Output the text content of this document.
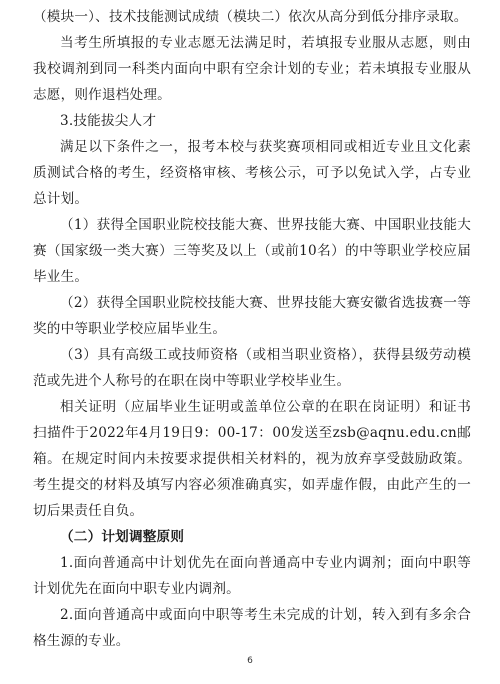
（模块一）、技术技能测试成绩（模块二）依次从高分到低分排序录取。

当考生所填报的专业志愿无法满足时，若填报专业服从志愿，则由我校调剂到同一科类内面向中职有空余计划的专业；若未填报专业服从志愿，则作退档处理。

3.技能拔尖人才

满足以下条件之一，报考本校与获奖赛项相同或相近专业且文化素质测试合格的考生，经资格审核、考核公示，可予以免试入学，占专业总计划。

（1）获得全国职业院校技能大赛、世界技能大赛、中国职业技能大赛（国家级一类大赛）三等奖及以上（或前10名）的中等职业学校应届毕业生。

（2）获得全国职业院校技能大赛、世界技能大赛安徽省选拔赛一等奖的中等职业学校应届毕业生。

（3）具有高级工或技师资格（或相当职业资格），获得县级劳动模范或先进个人称号的在职在岗中等职业学校毕业生。

相关证明（应届毕业生证明或盖单位公章的在职在岗证明）和证书扫描件于2022年4月19日9：00-17：00发送至zsb@aqnu.edu.cn邮箱。在规定时间内未按要求提供相关材料的，视为放弃享受鼓励政策。考生提交的材料及填写内容必须准确真实，如弄虚作假，由此产生的一切后果责任自负。

（二）计划调整原则

1.面向普通高中计划优先在面向普通高中专业内调剂；面向中职等计划优先在面向中职专业内调剂。

2.面向普通高中或面向中职等考生未完成的计划，转入到有多余合格生源的专业。

6
